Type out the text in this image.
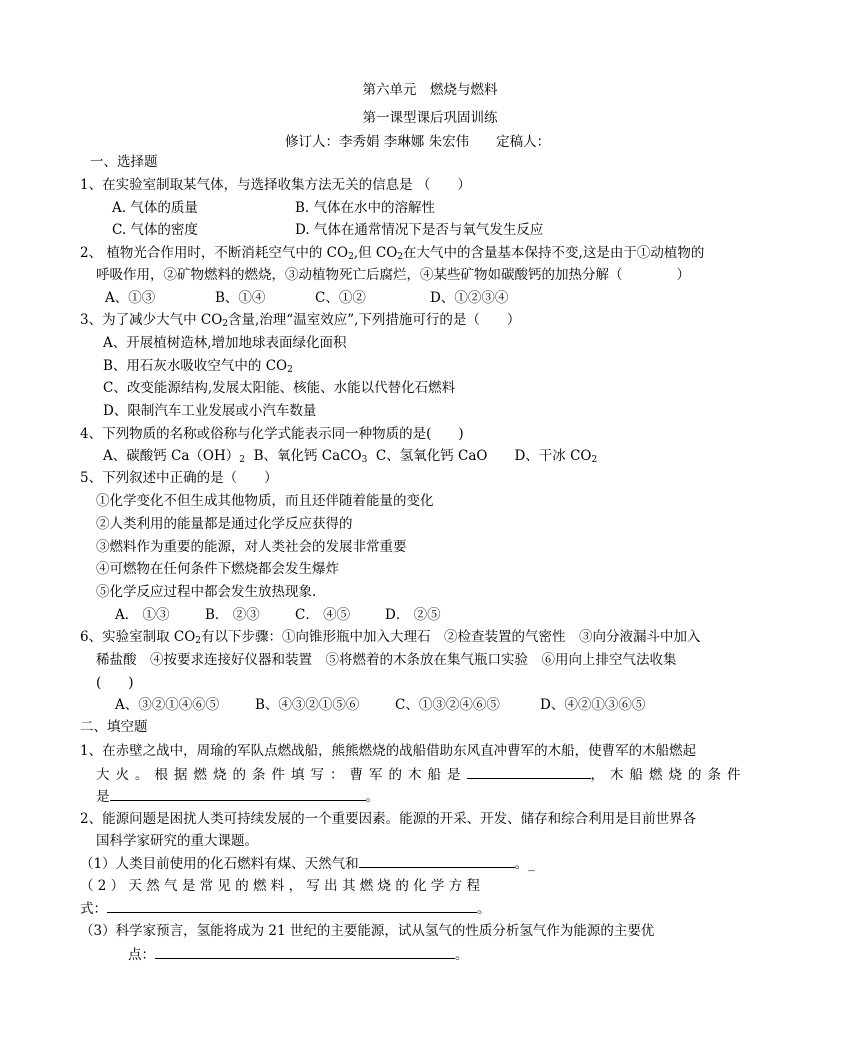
第六单元　燃烧与燃料
第一课型课后巩固训练
修订人：李秀娟 李琳娜 朱宏伟　　定稿人：
一、选择题
1、在实验室制取某气体，与选择收集方法无关的信息是 （　　）
A. 气体的质量	B. 气体在水中的溶解性
C. 气体的密度	D. 气体在通常情况下是否与氧气发生反应
2、 植物光合作用时，不断消耗空气中的 $CO_2$,但 $CO_2$在大气中的含量基本保持不变,这是由于①动植物的
呼吸作用，②矿物燃料的燃烧，③动植物死亡后腐烂，④某些矿物如碳酸钙的加热分解（　　　　）
A、①③	B、①④	C、①②	D、①②③④
3、为了减少大气中 $CO_2$含量,治理“温室效应”,下列措施可行的是（　　）
A、开展植树造林,增加地球表面绿化面积
B、用石灰水吸收空气中的 $CO_2$
C、改变能源结构,发展太阳能、核能、水能以代替化石燃料
D、限制汽车工业发展或小汽车数量
4、下列物质的名称或俗称与化学式能表示同一种物质的是(　　)
A、碳酸钙 $Ca(OH)_2$ B、氧化钙 CaCO$_3$ C、氢氧化钙 CaO　　D、干冰 $CO_2$
5、下列叙述中正确的是（　　）
①化学变化不但生成其他物质，而且还伴随着能量的变化
②人类利用的能量都是通过化学反应获得的
③燃料作为重要的能源，对人类社会的发展非常重要
④可燃物在任何条件下燃烧都会发生爆炸
⑤化学反应过程中都会发生放热现象.
A． ①③	B． ②③	C． ④⑤	D． ②⑤
6、实验室制取 $CO_2$有以下步骤：①向锥形瓶中加入大理石　②检查装置的气密性　③向分液漏斗中加入
稀盐酸　④按要求连接好仪器和装置　⑤将燃着的木条放在集气瓶口实验　⑥用向上排空气法收集
(　　)
A、③②①④⑥⑤	B、④③②①⑤⑥	C、①③②④⑥⑤	D、④②①③⑥⑤
二、填空题
1、在赤壁之战中，周瑜的军队点燃战船，熊熊燃烧的战船借助东风直冲曹军的木船，使曹军的木船燃起
大火。根据燃烧的条件填写：曹军的木船是	，木船燃烧的条件
是	。
2、能源问题是困扰人类可持续发展的一个重要因素。能源的开采、开发、储存和综合利用是目前世界各
国科学家研究的重大课题。
（1）人类目前使用的化石燃料有煤、天然气和	。_
（ 2 ） 天 然 气 是 常 见 的 燃 料 ， 写 出 其 燃 烧 的 化 学 方 程
式：	。
（3）科学家预言，氢能将成为 21 世纪的主要能源，试从氢气的性质分析氢气作为能源的主要优
点：	。
